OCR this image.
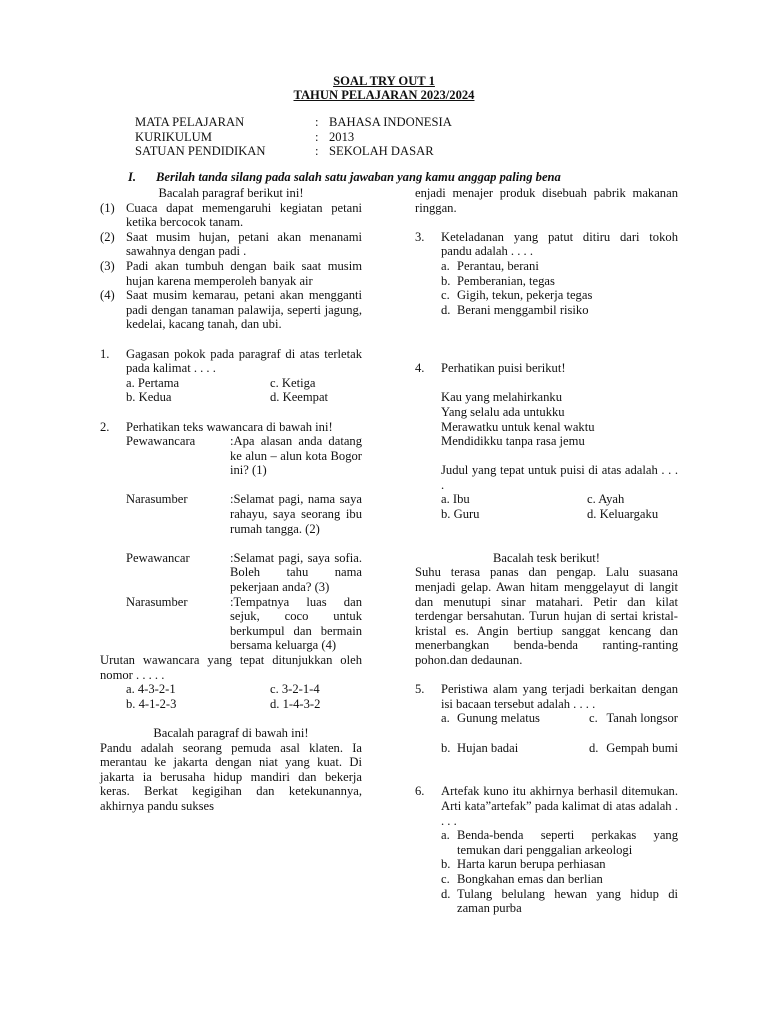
SOAL TRY OUT 1
TAHUN PELAJARAN 2023/2024
MATA PELAJARAN	: BAHASA INDONESIA
KURIKULUM	: 2013
SATUAN PENDIDIKAN	: SEKOLAH DASAR
I. Berilah tanda silang pada salah satu jawaban yang kamu anggap paling bena
Bacalah paragraf berikut ini!
(1) Cuaca dapat memengaruhi kegiatan petani ketika bercocok tanam.
(2) Saat musim hujan, petani akan menanami sawahnya dengan padi .
(3) Padi akan tumbuh dengan baik saat musim hujan karena memperoleh banyak air
(4) Saat musim kemarau, petani akan mengganti padi dengan tanaman palawija, seperti jagung, kedelai, kacang tanah, dan ubi.
1. Gagasan pokok pada paragraf di atas terletak pada kalimat . . . .
a. Pertama	c. Ketiga
b. Kedua	d. Keempat
2. Perhatikan teks wawancara di bawah ini!
Pewawancara	:Apa alasan anda datang ke alun – alun kota Bogor ini? (1)
Narasumber	:Selamat pagi, nama saya rahayu, saya seorang ibu rumah tangga. (2)
Pewawancar	:Selamat pagi, saya sofia. Boleh tahu nama pekerjaan anda? (3)
Narasumber	:Tempatnya luas dan sejuk, coco untuk berkumpul dan bermain bersama keluarga (4)
Urutan wawancara yang tepat ditunjukkan oleh nomor . . . . .
a. 4-3-2-1	c. 3-2-1-4
b. 4-1-2-3	d. 1-4-3-2
Bacalah paragraf di bawah ini!
Pandu adalah seorang pemuda asal klaten. Ia merantau ke jakarta dengan niat yang kuat. Di jakarta ia berusaha hidup mandiri dan bekerja keras. Berkat kegigihan dan ketekunannya, akhirnya pandu sukses
enjadi menajer produk disebuah pabrik makanan ringgan.
3. Keteladanan yang patut ditiru dari tokoh pandu adalah . . . .
a. Perantau, berani
b. Pemberanian, tegas
c. Gigih, tekun, pekerja tegas
d. Berani menggambil risiko
4. Perhatikan puisi berikut!
Kau yang melahirkanku
Yang selalu ada untukku
Merawatku untuk kenal waktu
Mendidikku tanpa rasa jemu
Judul yang tepat untuk puisi di atas adalah . . . .
a. Ibu	c. Ayah
b. Guru	d. Keluargaku
Bacalah tesk berikut!
Suhu terasa panas dan pengap. Lalu suasana menjadi gelap. Awan hitam menggelayut di langit dan menutupi sinar matahari. Petir dan kilat terdengar bersahutan. Turun hujan di sertai kristal-kristal es. Angin bertiup sanggat kencang dan menerbangkan benda-benda ranting-ranting pohon.dan dedaunan.
5. Peristiwa alam yang terjadi berkaitan dengan isi bacaan tersebut adalah . . . .
a. Gunung melatus	c. Tanah longsor
b. Hujan badai	d. Gempah bumi
6. Artefak kuno itu akhirnya berhasil ditemukan. Arti kata”artefak” pada kalimat di atas adalah . . . .
a. Benda-benda seperti perkakas yang temukan dari penggalian arkeologi
b. Harta karun berupa perhiasan
c. Bongkahan emas dan berlian
d. Tulang belulang hewan yang hidup di zaman purba
